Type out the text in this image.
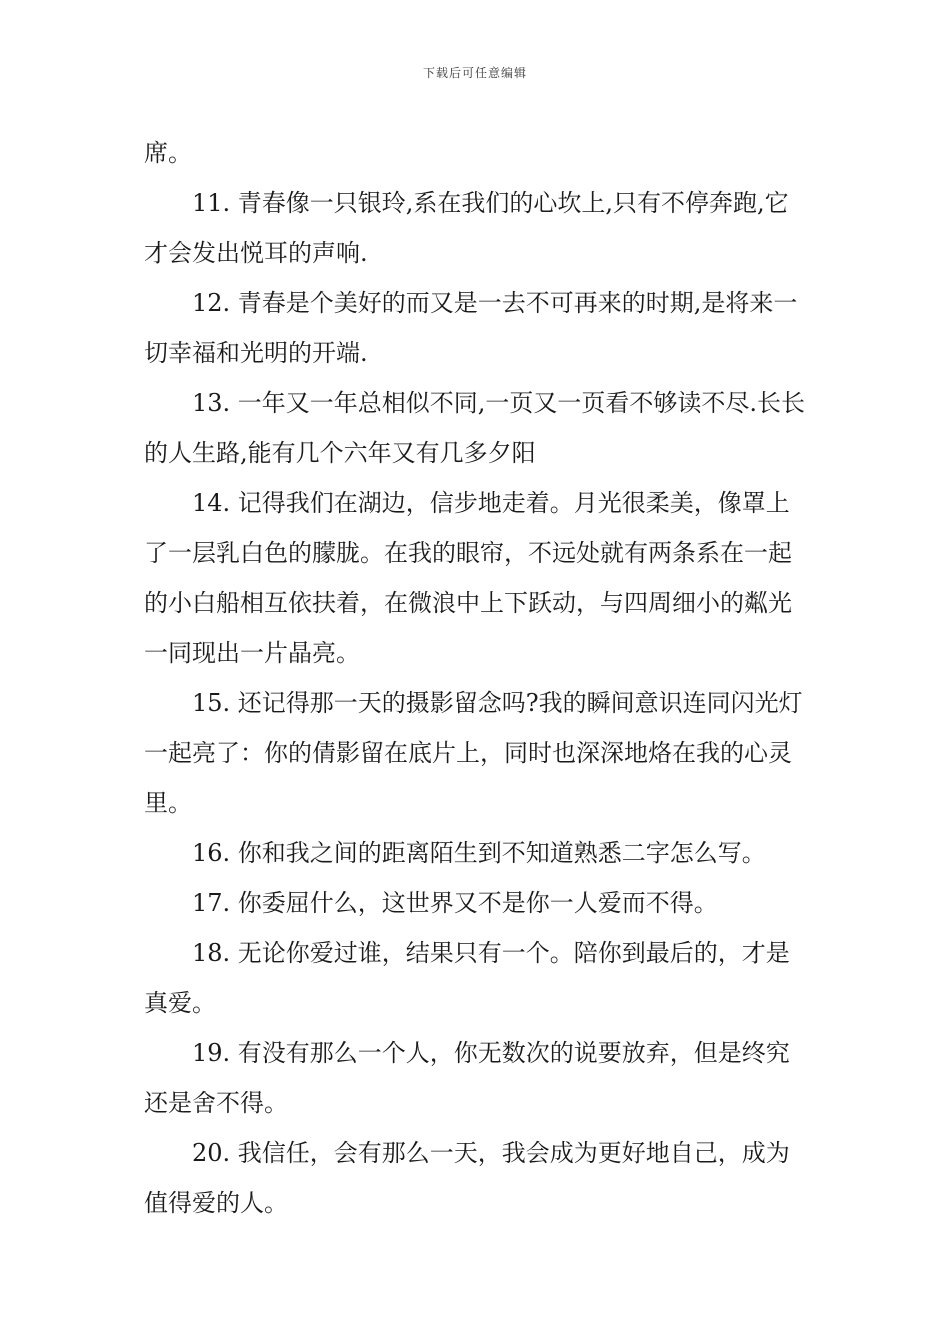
下载后可任意编辑

席。

11. 青春像一只银玲,系在我们的心坎上,只有不停奔跑,它才会发出悦耳的声响.

12. 青春是个美好的而又是一去不可再来的时期,是将来一切幸福和光明的开端.

13. 一年又一年总相似不同,一页又一页看不够读不尽.长长的人生路,能有几个六年又有几多夕阳

14. 记得我们在湖边，信步地走着。月光很柔美，像罩上了一层乳白色的朦胧。在我的眼帘，不远处就有两条系在一起的小白船相互依扶着，在微浪中上下跃动，与四周细小的粼光一同现出一片晶亮。

15. 还记得那一天的摄影留念吗?我的瞬间意识连同闪光灯一起亮了：你的倩影留在底片上，同时也深深地烙在我的心灵里。

16. 你和我之间的距离陌生到不知道熟悉二字怎么写。

17. 你委屈什么，这世界又不是你一人爱而不得。

18. 无论你爱过谁，结果只有一个。陪你到最后的，才是真爱。

19. 有没有那么一个人，你无数次的说要放弃，但是终究还是舍不得。

20. 我信任，会有那么一天，我会成为更好地自己，成为值得爱的人。
